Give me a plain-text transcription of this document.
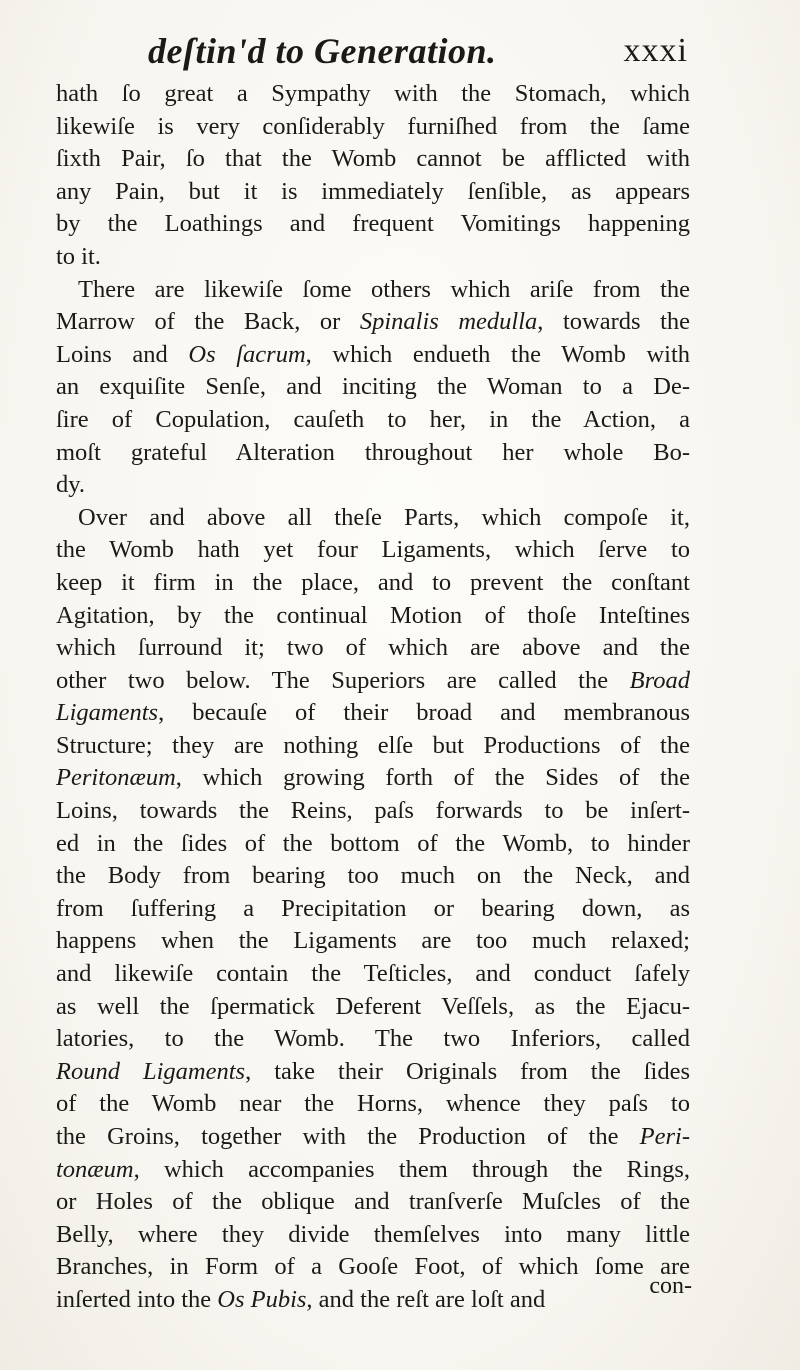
deſtin'd to Generation.	xxxi

hath ſo great a Sympathy with the Stomach, which
likewiſe is very conſiderably furniſhed from the ſame
ſixth Pair, ſo that the Womb cannot be afflicted with
any Pain, but it is immediately ſenſible, as appears
by the Loathings and frequent Vomitings happening
to it.

There are likewiſe ſome others which ariſe from the
Marrow of the Back, or Spinalis medulla, towards the
Loins and Os ſacrum, which endueth the Womb with
an exquiſite Senſe, and inciting the Woman to a De-
ſire of Copulation, cauſeth to her, in the Action, a
moſt grateful Alteration throughout her whole Bo-
dy.

Over and above all theſe Parts, which compoſe it,
the Womb hath yet four Ligaments, which ſerve to
keep it firm in the place, and to prevent the conſtant
Agitation, by the continual Motion of thoſe Inteſtines
which ſurround it; two of which are above and the
other two below. The Superiors are called the Broad
Ligaments, becauſe of their broad and membranous
Structure; they are nothing elſe but Productions of the
Peritonæum, which growing forth of the Sides of the
Loins, towards the Reins, paſs forwards to be inſert-
ed in the ſides of the bottom of the Womb, to hinder
the Body from bearing too much on the Neck, and
from ſuffering a Precipitation or bearing down, as
happens when the Ligaments are too much relaxed;
and likewiſe contain the Teſticles, and conduct ſafely
as well the ſpermatick Deferent Veſſels, as the Ejacu-
latories, to the Womb. The two Inferiors, called
Round Ligaments, take their Originals from the ſides
of the Womb near the Horns, whence they paſs to
the Groins, together with the Production of the Peri-
tonæum, which accompanies them through the Rings,
or Holes of the oblique and tranſverſe Muſcles of the
Belly, where they divide themſelves into many little
Branches, in Form of a Gooſe Foot, of which ſome are
inſerted into the Os Pubis, and the reſt are loſt and	con-
